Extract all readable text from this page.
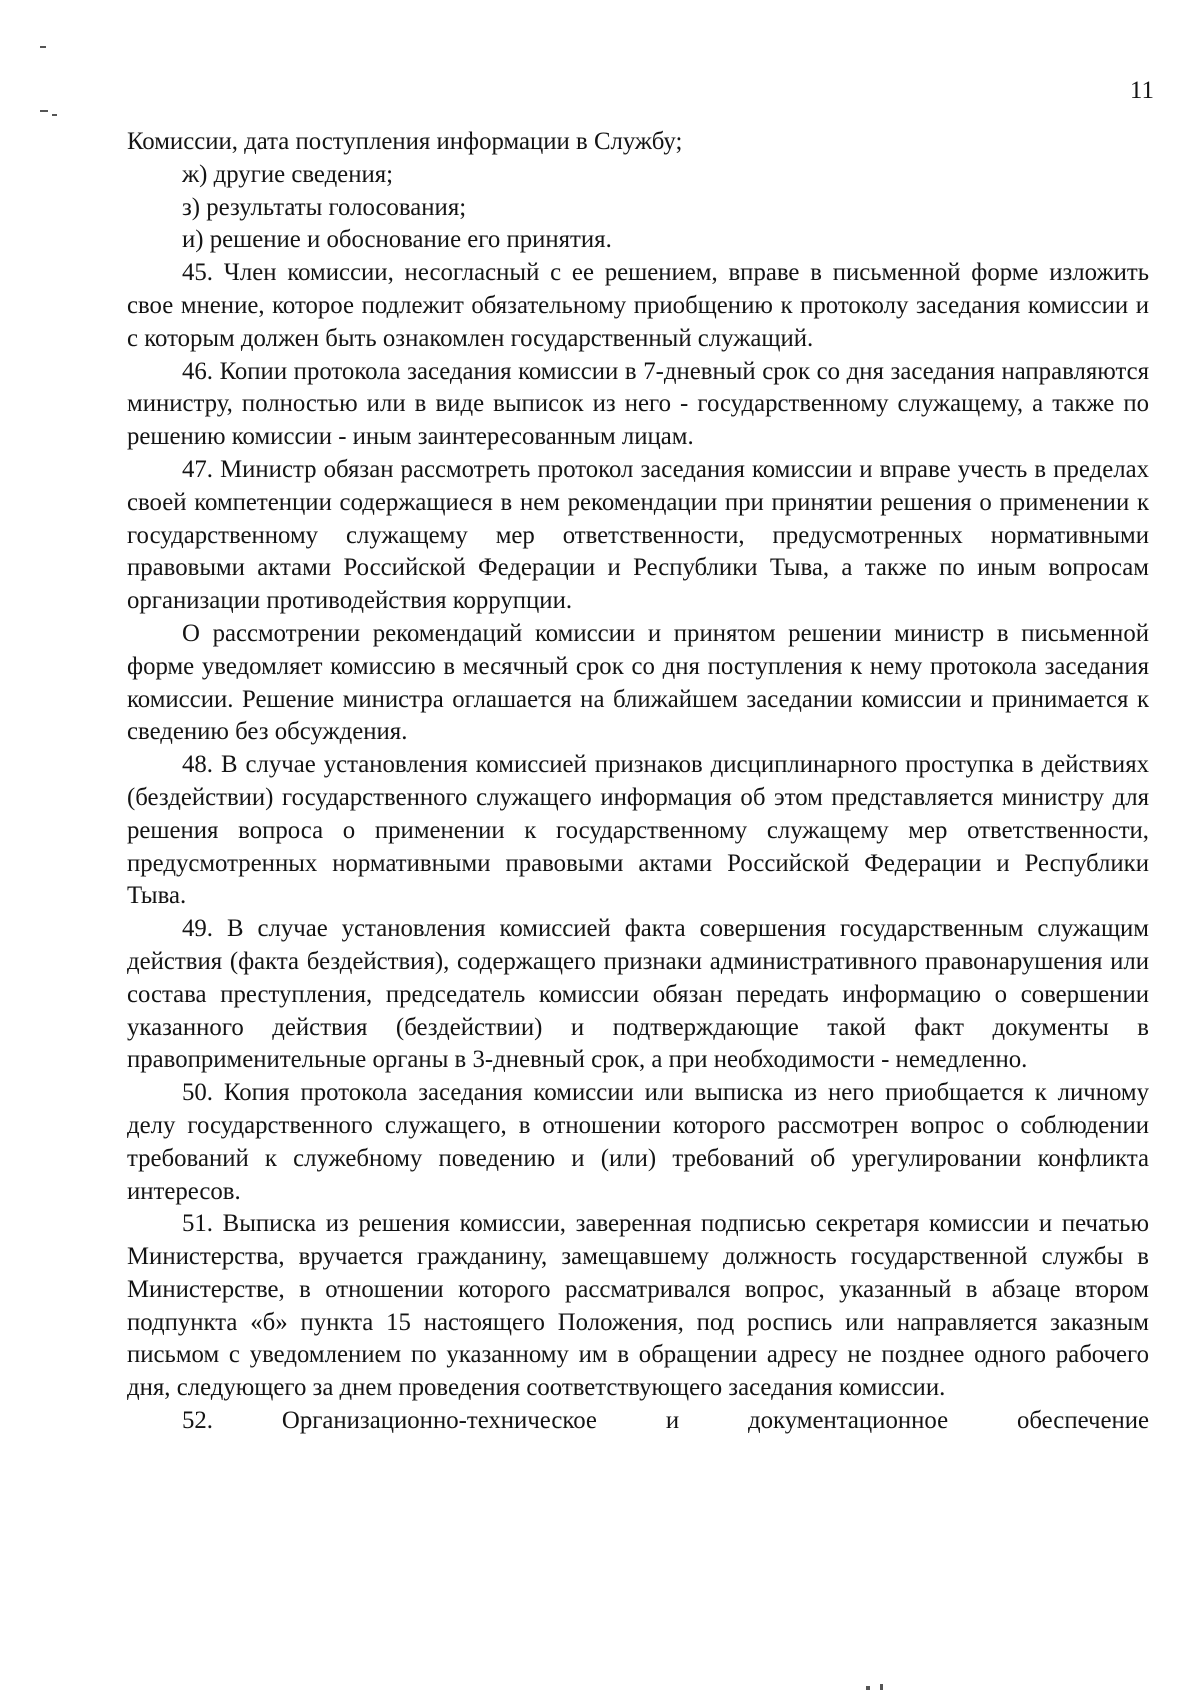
11

Комиссии, дата поступления информации в Службу;

ж) другие сведения;

з) результаты голосования;

и) решение и обоснование его принятия.

45. Член комиссии, несогласный с ее решением, вправе в письменной форме изложить свое мнение, которое подлежит обязательному приобщению к протоколу заседания комиссии и с которым должен быть ознакомлен государственный служащий.

46. Копии протокола заседания комиссии в 7-дневный срок со дня заседания направляются министру, полностью или в виде выписок из него - государственному служащему, а также по решению комиссии - иным заинтересованным лицам.

47. Министр обязан рассмотреть протокол заседания комиссии и вправе учесть в пределах своей компетенции содержащиеся в нем рекомендации при принятии решения о применении к государственному служащему мер ответственности, предусмотренных нормативными правовыми актами Российской Федерации и Республики Тыва, а также по иным вопросам организации противодействия коррупции.

О рассмотрении рекомендаций комиссии и принятом решении министр в письменной форме уведомляет комиссию в месячный срок со дня поступления к нему протокола заседания комиссии. Решение министра оглашается на ближайшем заседании комиссии и принимается к сведению без обсуждения.

48. В случае установления комиссией признаков дисциплинарного проступка в действиях (бездействии) государственного служащего информация об этом представляется министру для решения вопроса о применении к государственному служащему мер ответственности, предусмотренных нормативными правовыми актами Российской Федерации и Республики Тыва.

49. В случае установления комиссией факта совершения государственным служащим действия (факта бездействия), содержащего признаки административного правонарушения или состава преступления, председатель комиссии обязан передать информацию о совершении указанного действия (бездействии) и подтверждающие такой факт документы в правоприменительные органы в 3-дневный срок, а при необходимости - немедленно.

50. Копия протокола заседания комиссии или выписка из него приобщается к личному делу государственного служащего, в отношении которого рассмотрен вопрос о соблюдении требований к служебному поведению и (или) требований об урегулировании конфликта интересов.

51. Выписка из решения комиссии, заверенная подписью секретаря комиссии и печатью Министерства, вручается гражданину, замещавшему должность государственной службы в Министерстве, в отношении которого рассматривался вопрос, указанный в абзаце втором подпункта «б» пункта 15 настоящего Положения, под роспись или направляется заказным письмом с уведомлением по указанному им в обращении адресу не позднее одного рабочего дня, следующего за днем проведения соответствующего заседания комиссии.

52. Организационно-техническое и документационное обеспечение
